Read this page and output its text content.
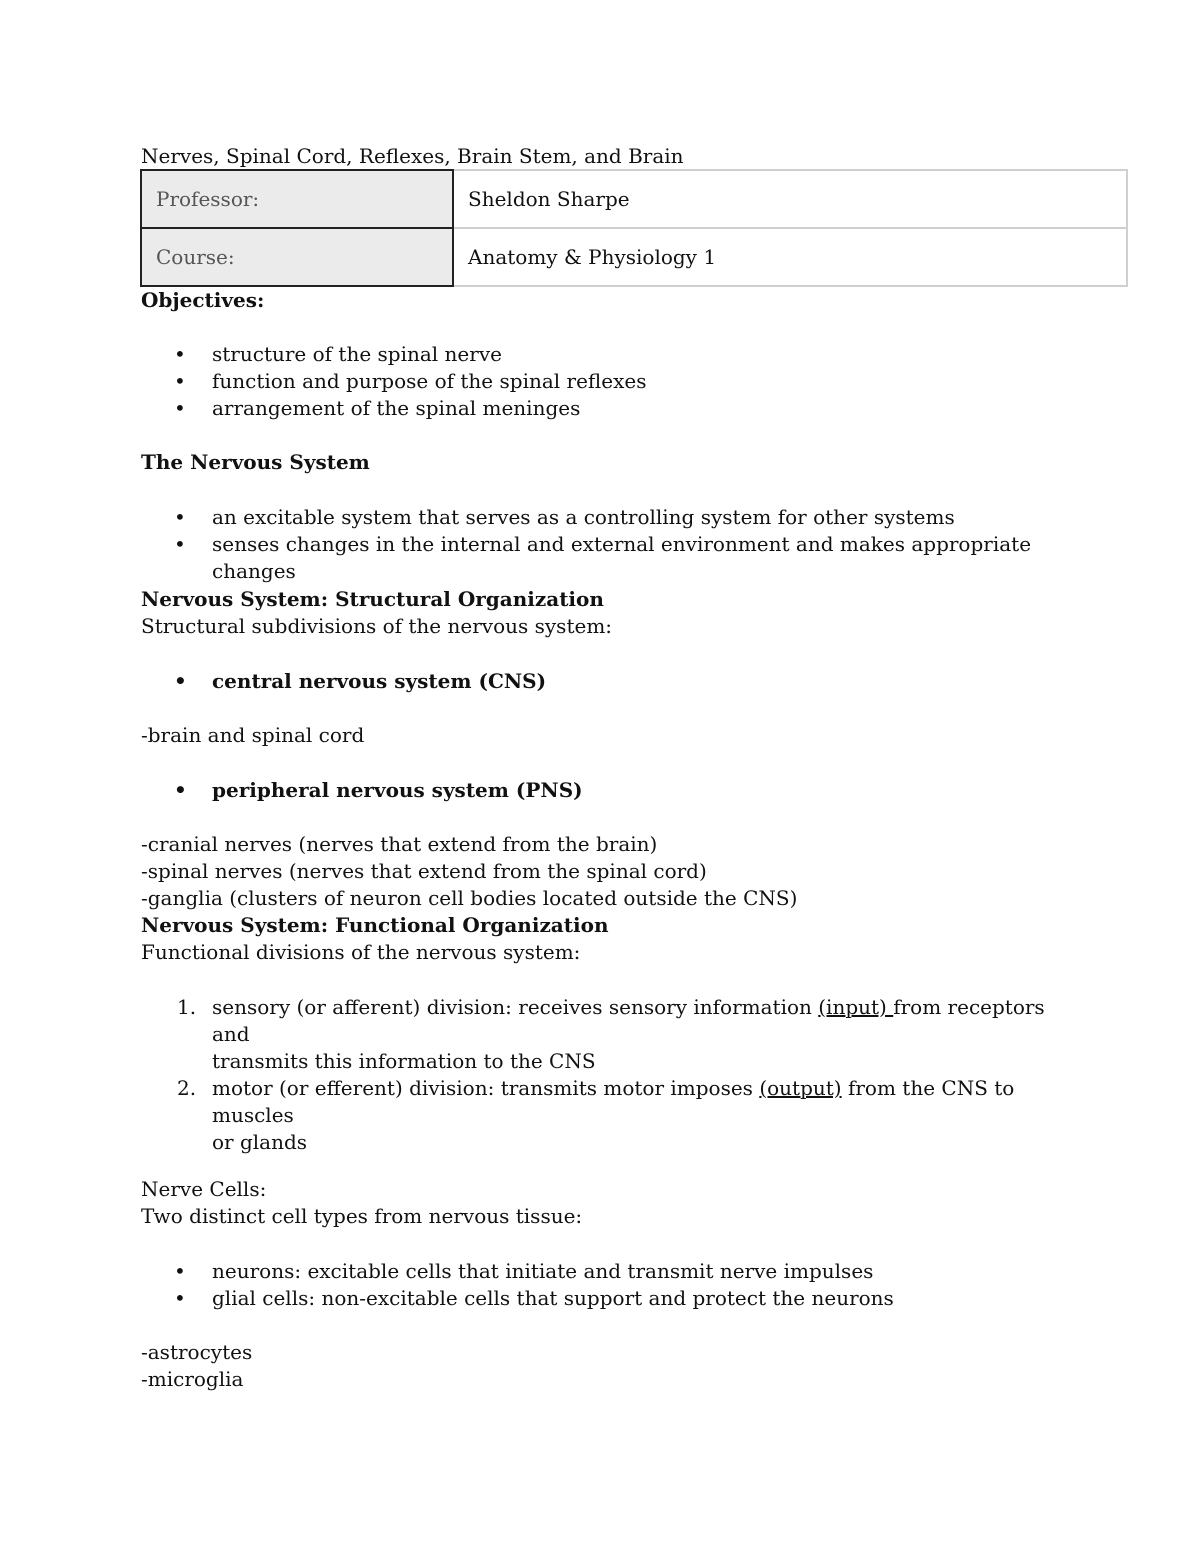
Nerves, Spinal Cord, Reflexes, Brain Stem, and Brain
Professor:	Sheldon Sharpe
Course:	Anatomy & Physiology 1
Objectives:
• structure of the spinal nerve
• function and purpose of the spinal reflexes
• arrangement of the spinal meninges
The Nervous System
• an excitable system that serves as a controlling system for other systems
• senses changes in the internal and external environment and makes appropriate changes
Nervous System: Structural Organization
Structural subdivisions of the nervous system:
• central nervous system (CNS)
-brain and spinal cord
• peripheral nervous system (PNS)
-cranial nerves (nerves that extend from the brain)
-spinal nerves (nerves that extend from the spinal cord)
-ganglia (clusters of neuron cell bodies located outside the CNS)
Nervous System: Functional Organization
Functional divisions of the nervous system:
1. sensory (or afferent) division: receives sensory information (input) from receptors and
transmits this information to the CNS
2. motor (or efferent) division: transmits motor imposes (output) from the CNS to muscles
or glands
Nerve Cells:
Two distinct cell types from nervous tissue:
• neurons: excitable cells that initiate and transmit nerve impulses
• glial cells: non-excitable cells that support and protect the neurons
-astrocytes
-microglia
